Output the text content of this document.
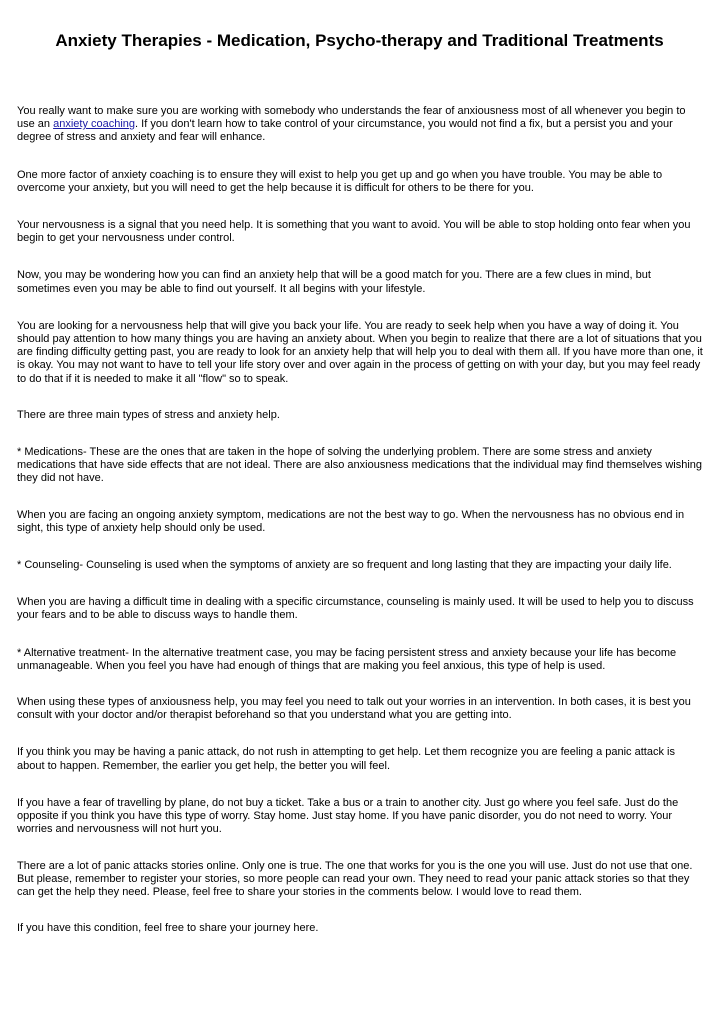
Anxiety Therapies - Medication, Psycho-therapy and Traditional Treatments

You really want to make sure you are working with somebody who understands the fear of anxiousness most of all whenever you begin to use an anxiety coaching. If you don't learn how to take control of your circumstance, you would not find a fix, but a persist you and your degree of stress and anxiety and fear will enhance.

One more factor of anxiety coaching is to ensure they will exist to help you get up and go when you have trouble. You may be able to overcome your anxiety, but you will need to get the help because it is difficult for others to be there for you.

Your nervousness is a signal that you need help. It is something that you want to avoid. You will be able to stop holding onto fear when you begin to get your nervousness under control.

Now, you may be wondering how you can find an anxiety help that will be a good match for you. There are a few clues in mind, but sometimes even you may be able to find out yourself. It all begins with your lifestyle.

You are looking for a nervousness help that will give you back your life. You are ready to seek help when you have a way of doing it. You should pay attention to how many things you are having an anxiety about. When you begin to realize that there are a lot of situations that you are finding difficulty getting past, you are ready to look for an anxiety help that will help you to deal with them all. If you have more than one, it is okay. You may not want to have to tell your life story over and over again in the process of getting on with your day, but you may feel ready to do that if it is needed to make it all "flow" so to speak.

There are three main types of stress and anxiety help.

* Medications- These are the ones that are taken in the hope of solving the underlying problem. There are some stress and anxiety medications that have side effects that are not ideal. There are also anxiousness medications that the individual may find themselves wishing they did not have.

When you are facing an ongoing anxiety symptom, medications are not the best way to go. When the nervousness has no obvious end in sight, this type of anxiety help should only be used.

* Counseling- Counseling is used when the symptoms of anxiety are so frequent and long lasting that they are impacting your daily life.

When you are having a difficult time in dealing with a specific circumstance, counseling is mainly used. It will be used to help you to discuss your fears and to be able to discuss ways to handle them.

* Alternative treatment- In the alternative treatment case, you may be facing persistent stress and anxiety because your life has become unmanageable. When you feel you have had enough of things that are making you feel anxious, this type of help is used.

When using these types of anxiousness help, you may feel you need to talk out your worries in an intervention. In both cases, it is best you consult with your doctor and/or therapist beforehand so that you understand what you are getting into.

If you think you may be having a panic attack, do not rush in attempting to get help. Let them recognize you are feeling a panic attack is about to happen. Remember, the earlier you get help, the better you will feel.

If you have a fear of travelling by plane, do not buy a ticket. Take a bus or a train to another city. Just go where you feel safe. Just do the opposite if you think you have this type of worry. Stay home. Just stay home. If you have panic disorder, you do not need to worry. Your worries and nervousness will not hurt you.

There are a lot of panic attacks stories online. Only one is true. The one that works for you is the one you will use. Just do not use that one. But please, remember to register your stories, so more people can read your own. They need to read your panic attack stories so that they can get the help they need. Please, feel free to share your stories in the comments below. I would love to read them.

If you have this condition, feel free to share your journey here.
